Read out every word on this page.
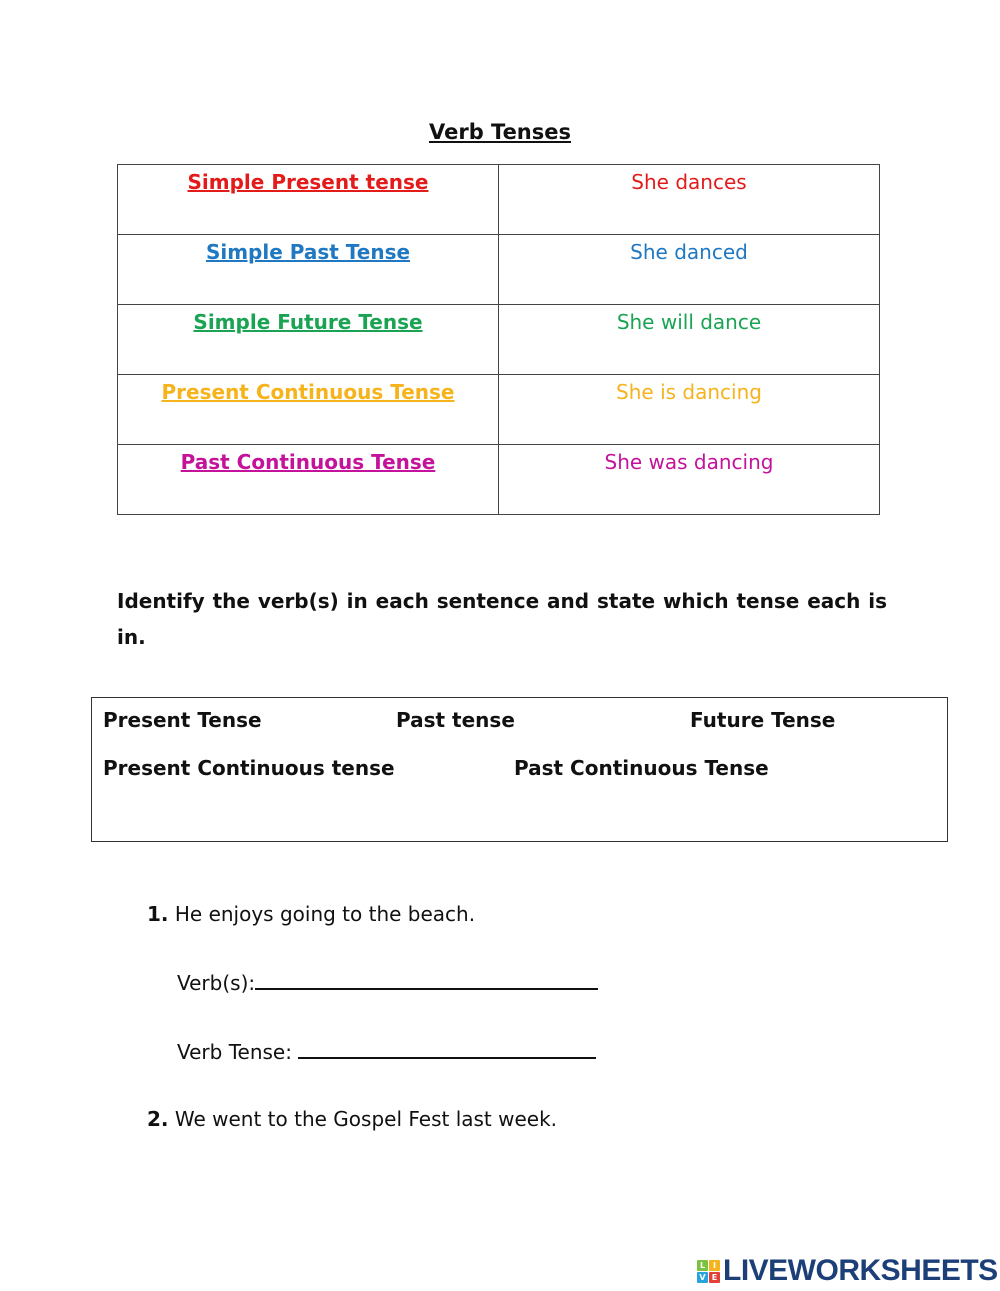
Verb Tenses
Simple Present tense	She dances
Simple Past Tense	She danced
Simple Future Tense	She will dance
Present Continuous Tense	She is dancing
Past Continuous Tense	She was dancing
Identify the verb(s) in each sentence and state which tense each is in.
Present Tense	Past tense	Future Tense
Present Continuous tense	Past Continuous Tense
1. He enjoys going to the beach.
Verb(s):
Verb Tense:
2. We went to the Gospel Fest last week.
L I
V E LIVEWORKSHEETS
